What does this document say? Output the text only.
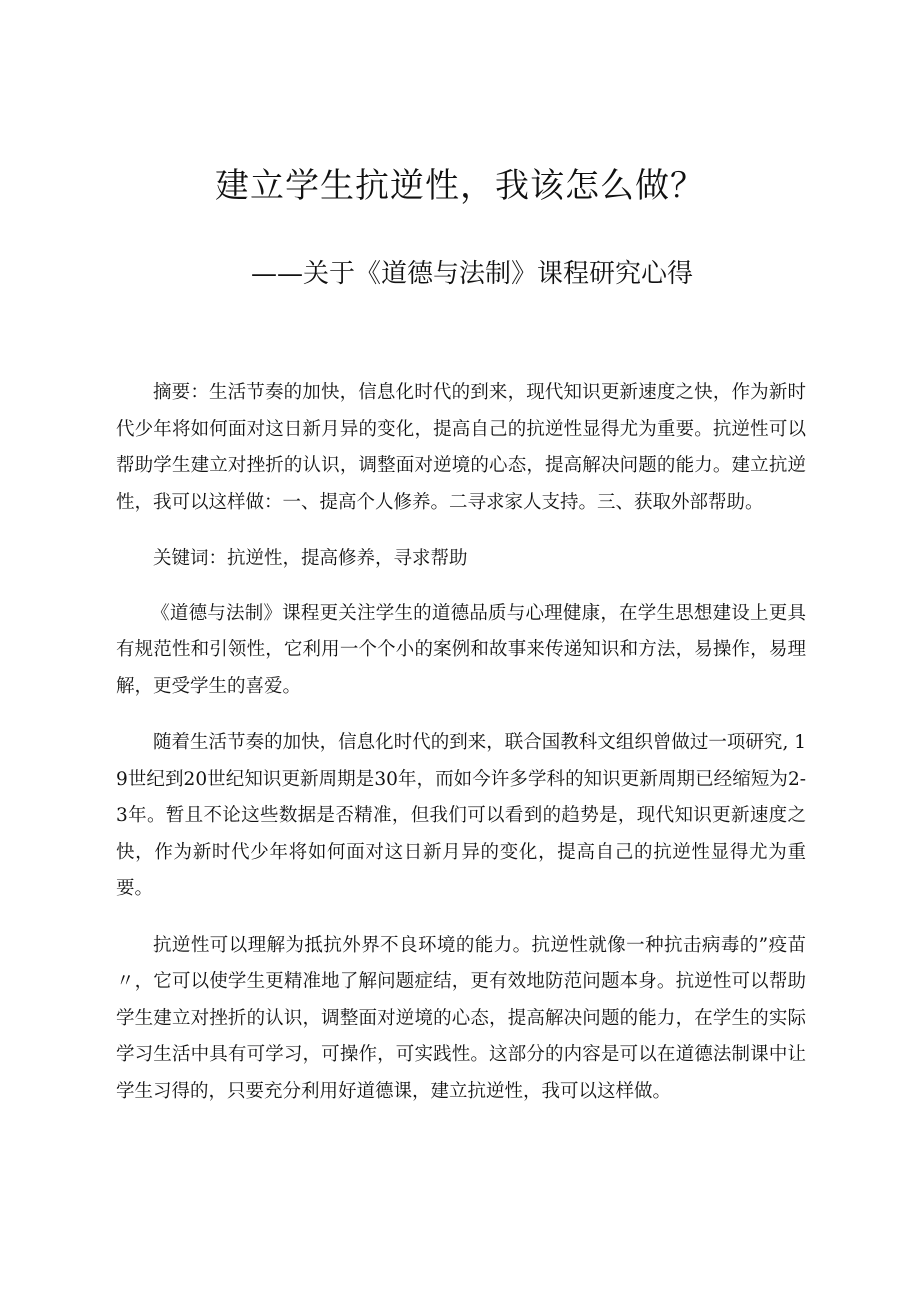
建立学生抗逆性，我该怎么做？
——关于《道德与法制》课程研究心得

摘要：生活节奏的加快，信息化时代的到来，现代知识更新速度之快，作为新时代少年将如何面对这日新月异的变化，提高自己的抗逆性显得尤为重要。抗逆性可以帮助学生建立对挫折的认识，调整面对逆境的心态，提高解决问题的能力。建立抗逆性，我可以这样做：一、提高个人修养。二寻求家人支持。三、获取外部帮助。

关键词：抗逆性，提高修养，寻求帮助

《道德与法制》课程更关注学生的道德品质与心理健康，在学生思想建设上更具有规范性和引领性，它利用一个个小的案例和故事来传递知识和方法，易操作，易理解，更受学生的喜爱。

随着生活节奏的加快，信息化时代的到来，联合国教科文组织曾做过一项研究, 19世纪到20世纪知识更新周期是30年，而如今许多学科的知识更新周期已经缩短为2-3年。暂且不论这些数据是否精准，但我们可以看到的趋势是，现代知识更新速度之快，作为新时代少年将如何面对这日新月异的变化，提高自己的抗逆性显得尤为重要。

抗逆性可以理解为抵抗外界不良环境的能力。抗逆性就像一种抗击病毒的”疫苗〃，它可以使学生更精准地了解问题症结，更有效地防范问题本身。抗逆性可以帮助学生建立对挫折的认识，调整面对逆境的心态，提高解决问题的能力，在学生的实际学习生活中具有可学习，可操作，可实践性。这部分的内容是可以在道德法制课中让学生习得的，只要充分利用好道德课，建立抗逆性，我可以这样做。
